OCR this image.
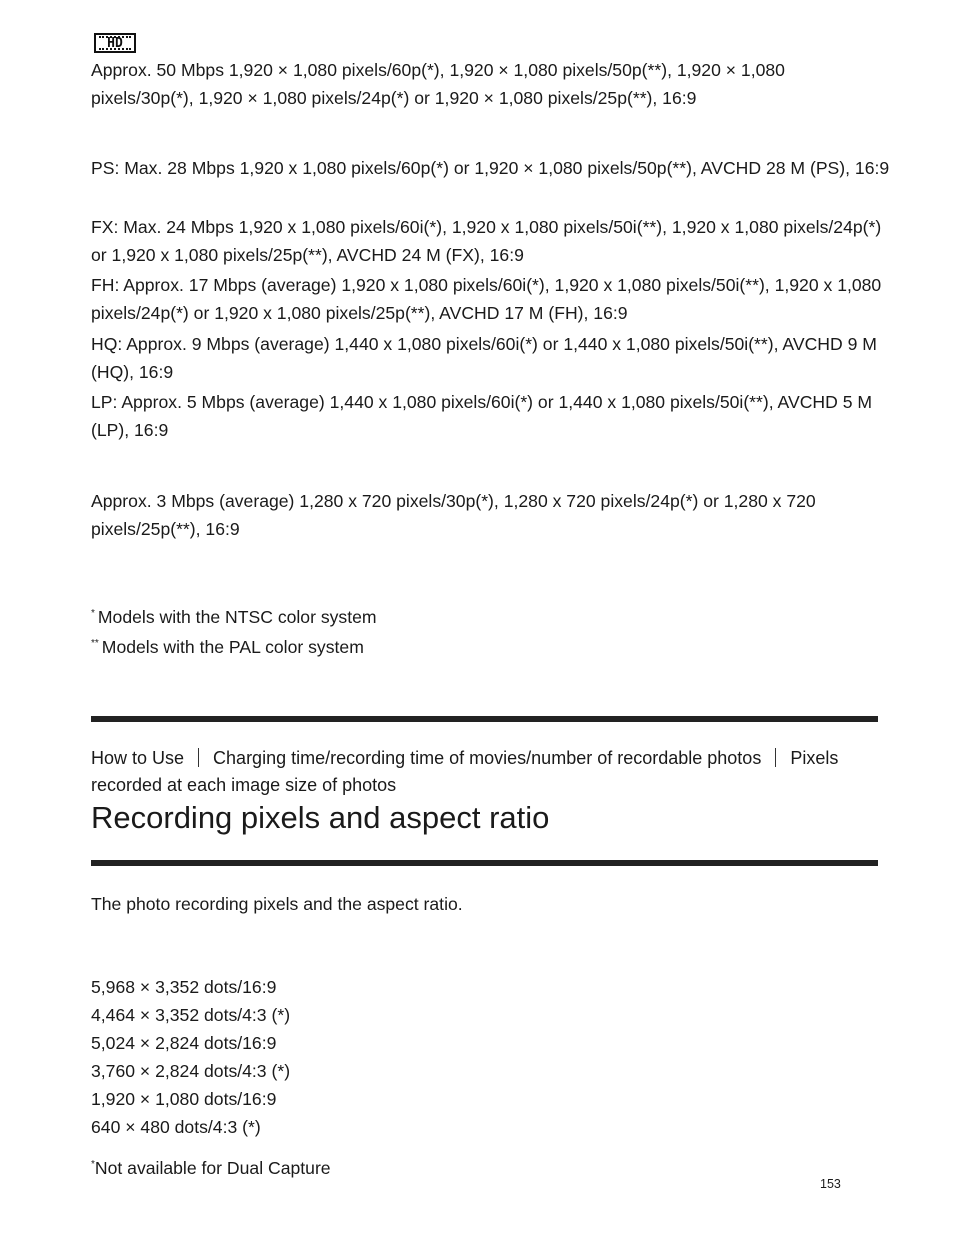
HD

Approx. 50 Mbps 1,920 × 1,080 pixels/60p(*), 1,920 × 1,080 pixels/50p(**), 1,920 × 1,080 pixels/30p(*), 1,920 × 1,080 pixels/24p(*) or 1,920 × 1,080 pixels/25p(**), 16:9

PS: Max. 28 Mbps 1,920 x 1,080 pixels/60p(*) or 1,920 × 1,080 pixels/50p(**), AVCHD 28 M (PS), 16:9

FX: Max. 24 Mbps 1,920 x 1,080 pixels/60i(*), 1,920 x 1,080 pixels/50i(**), 1,920 x 1,080 pixels/24p(*) or 1,920 x 1,080 pixels/25p(**), AVCHD 24 M (FX), 16:9

FH: Approx. 17 Mbps (average) 1,920 x 1,080 pixels/60i(*), 1,920 x 1,080 pixels/50i(**), 1,920 x 1,080 pixels/24p(*) or 1,920 x 1,080 pixels/25p(**), AVCHD 17 M (FH), 16:9

HQ: Approx. 9 Mbps (average) 1,440 x 1,080 pixels/60i(*) or 1,440 x 1,080 pixels/50i(**), AVCHD 9 M (HQ), 16:9

LP: Approx. 5 Mbps (average) 1,440 x 1,080 pixels/60i(*) or 1,440 x 1,080 pixels/50i(**), AVCHD 5 M (LP), 16:9

Approx. 3 Mbps (average) 1,280 x 720 pixels/30p(*), 1,280 x 720 pixels/24p(*) or 1,280 x 720 pixels/25p(**), 16:9

* Models with the NTSC color system
** Models with the PAL color system
How to Use Charging time/recording time of movies/number of recordable photos Pixels recorded at each image size of photos
Recording pixels and aspect ratio

The photo recording pixels and the aspect ratio.

5,968 × 3,352 dots/16:9
4,464 × 3,352 dots/4:3 (*)
5,024 × 2,824 dots/16:9
3,760 × 2,824 dots/4:3 (*)
1,920 × 1,080 dots/16:9
640 × 480 dots/4:3 (*)
*Not available for Dual Capture
153
